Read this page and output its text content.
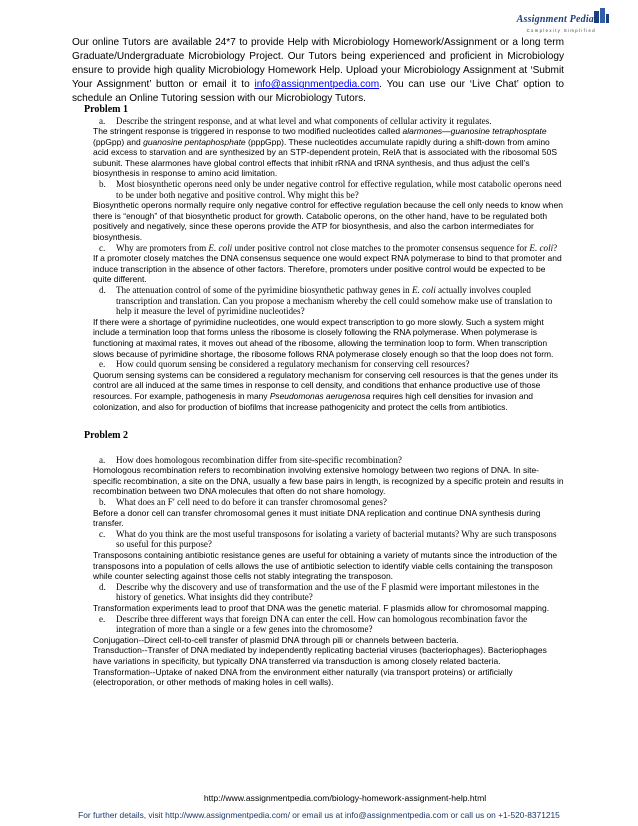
Assignment Pedia
Complexity Simplified
Our online Tutors are available 24*7 to provide Help with Microbiology Homework/Assignment or a long term Graduate/Undergraduate Microbiology Project. Our Tutors being experienced and proficient in Microbiology ensure to provide high quality Microbiology Homework Help. Upload your Microbiology Assignment at ‘Submit Your Assignment’ button or email it to info@assignmentpedia.com. You can use our ‘Live Chat’ option to schedule an Online Tutoring session with our Microbiology Tutors.
Problem 1
a. Describe the stringent response, and at what level and what components of cellular activity it regulates.
The stringent response is triggered in response to two modified nucleotides called alarmones—guanosine tetraphosptate (ppGpp) and guanosine pentaphosphate (pppGpp). These nucleotides accumulate rapidly during a shift-down from amino acid excess to starvation and are synthesized by an STP-dependent protein, RelA that is associated with the ribosomal 50S subunit. These alarmones have global control effects that inhibit rRNA and tRNA synthesis, and thus adjust the cell’s biosynthesis in response to amino acid limitation.
b. Most biosynthetic operons need only be under negative control for effective regulation, while most catabolic operons need to be under both negative and positive control. Why might this be?
Biosynthetic operons normally require only negative control for effective regulation because the cell only needs to know when there is “enough” of that biosynthetic product for growth. Catabolic operons, on the other hand, have to be regulated both positively and negatively, since these operons provide the ATP for biosynthesis, and also the carbon intermediates for biosynthesis.
c. Why are promoters from E. coli under positive control not close matches to the promoter consensus sequence for E. coli?
If a promoter closely matches the DNA consensus sequence one would expect RNA polymerase to bind to that promoter and induce transcription in the absence of other factors. Therefore, promoters under positive control would be expected to be quite different.
d. The attenuation control of some of the pyrimidine biosynthetic pathway genes in E. coli actually involves coupled transcription and translation. Can you propose a mechanism whereby the cell could somehow make use of translation to help it measure the level of pyrimidine nucleotides?
If there were a shortage of pyrimidine nucleotides, one would expect transcription to go more slowly. Such a system might include a termination loop that forms unless the ribosome is closely following the RNA polymerase. When polymerase is functioning at maximal rates, it moves out ahead of the ribosome, allowing the termination loop to form. When transcription slows because of pyrimidine shortage, the ribosome follows RNA polymerase closely enough so that the loop does not form.
e. How could quorum sensing be considered a regulatory mechanism for conserving cell resources?
Quorum sensing systems can be considered a regulatory mechanism for conserving cell resources is that the genes under its control are all induced at the same times in response to cell density, and conditions that enhance productive use of those resources. For example, pathogenesis in many Pseudomonas aerugenosa requires high cell densities for invasion and colonization, and also for production of biofilms that increase pathogenicity and protect the cells from antibiotics.
Problem 2
a. How does homologous recombination differ from site-specific recombination?
Homologous recombination refers to recombination involving extensive homology between two regions of DNA. In site-specific recombination, a site on the DNA, usually a few base pairs in length, is recognized by a specific protein and results in recombination between two DNA molecules that often do not share homology.
b. What does an Fʹ cell need to do before it can transfer chromosomal genes?
Before a donor cell can transfer chromosomal genes it must initiate DNA replication and continue DNA synthesis during transfer.
c. What do you think are the most useful transposons for isolating a variety of bacterial mutants? Why are such transposons so useful for this purpose?
Transposons containing antibiotic resistance genes are useful for obtaining a variety of mutants since the introduction of the transposons into a population of cells allows the use of antibiotic selection to identify viable cells containing the transposon while counter selecting against those cells not stably integrating the transposon.
d. Describe why the discovery and use of transformation and the use of the F plasmid were important milestones in the history of genetics. What insights did they contribute?
Transformation experiments lead to proof that DNA was the genetic material. F plasmids allow for chromosomal mapping.
e. Describe three different ways that foreign DNA can enter the cell. How can homologous recombination favor the integration of more than a single or a few genes into the chromosome?
Conjugation--Direct cell-to-cell transfer of plasmid DNA through pili or channels between bacteria.
Transduction--Transfer of DNA mediated by independently replicating bacterial viruses (bacteriophages). Bacteriophages have variations in specificity, but typically DNA transferred via transduction is among closely related bacteria.
Transformation--Uptake of naked DNA from the environment either naturally (via transport proteins) or artificially (electroporation, or other methods of making holes in cell walls).
http://www.assignmentpedia.com/biology-homework-assignment-help.html
For further details, visit http://www.assignmentpedia.com/ or email us at info@assignmentpedia.com or call us on +1-520-8371215
